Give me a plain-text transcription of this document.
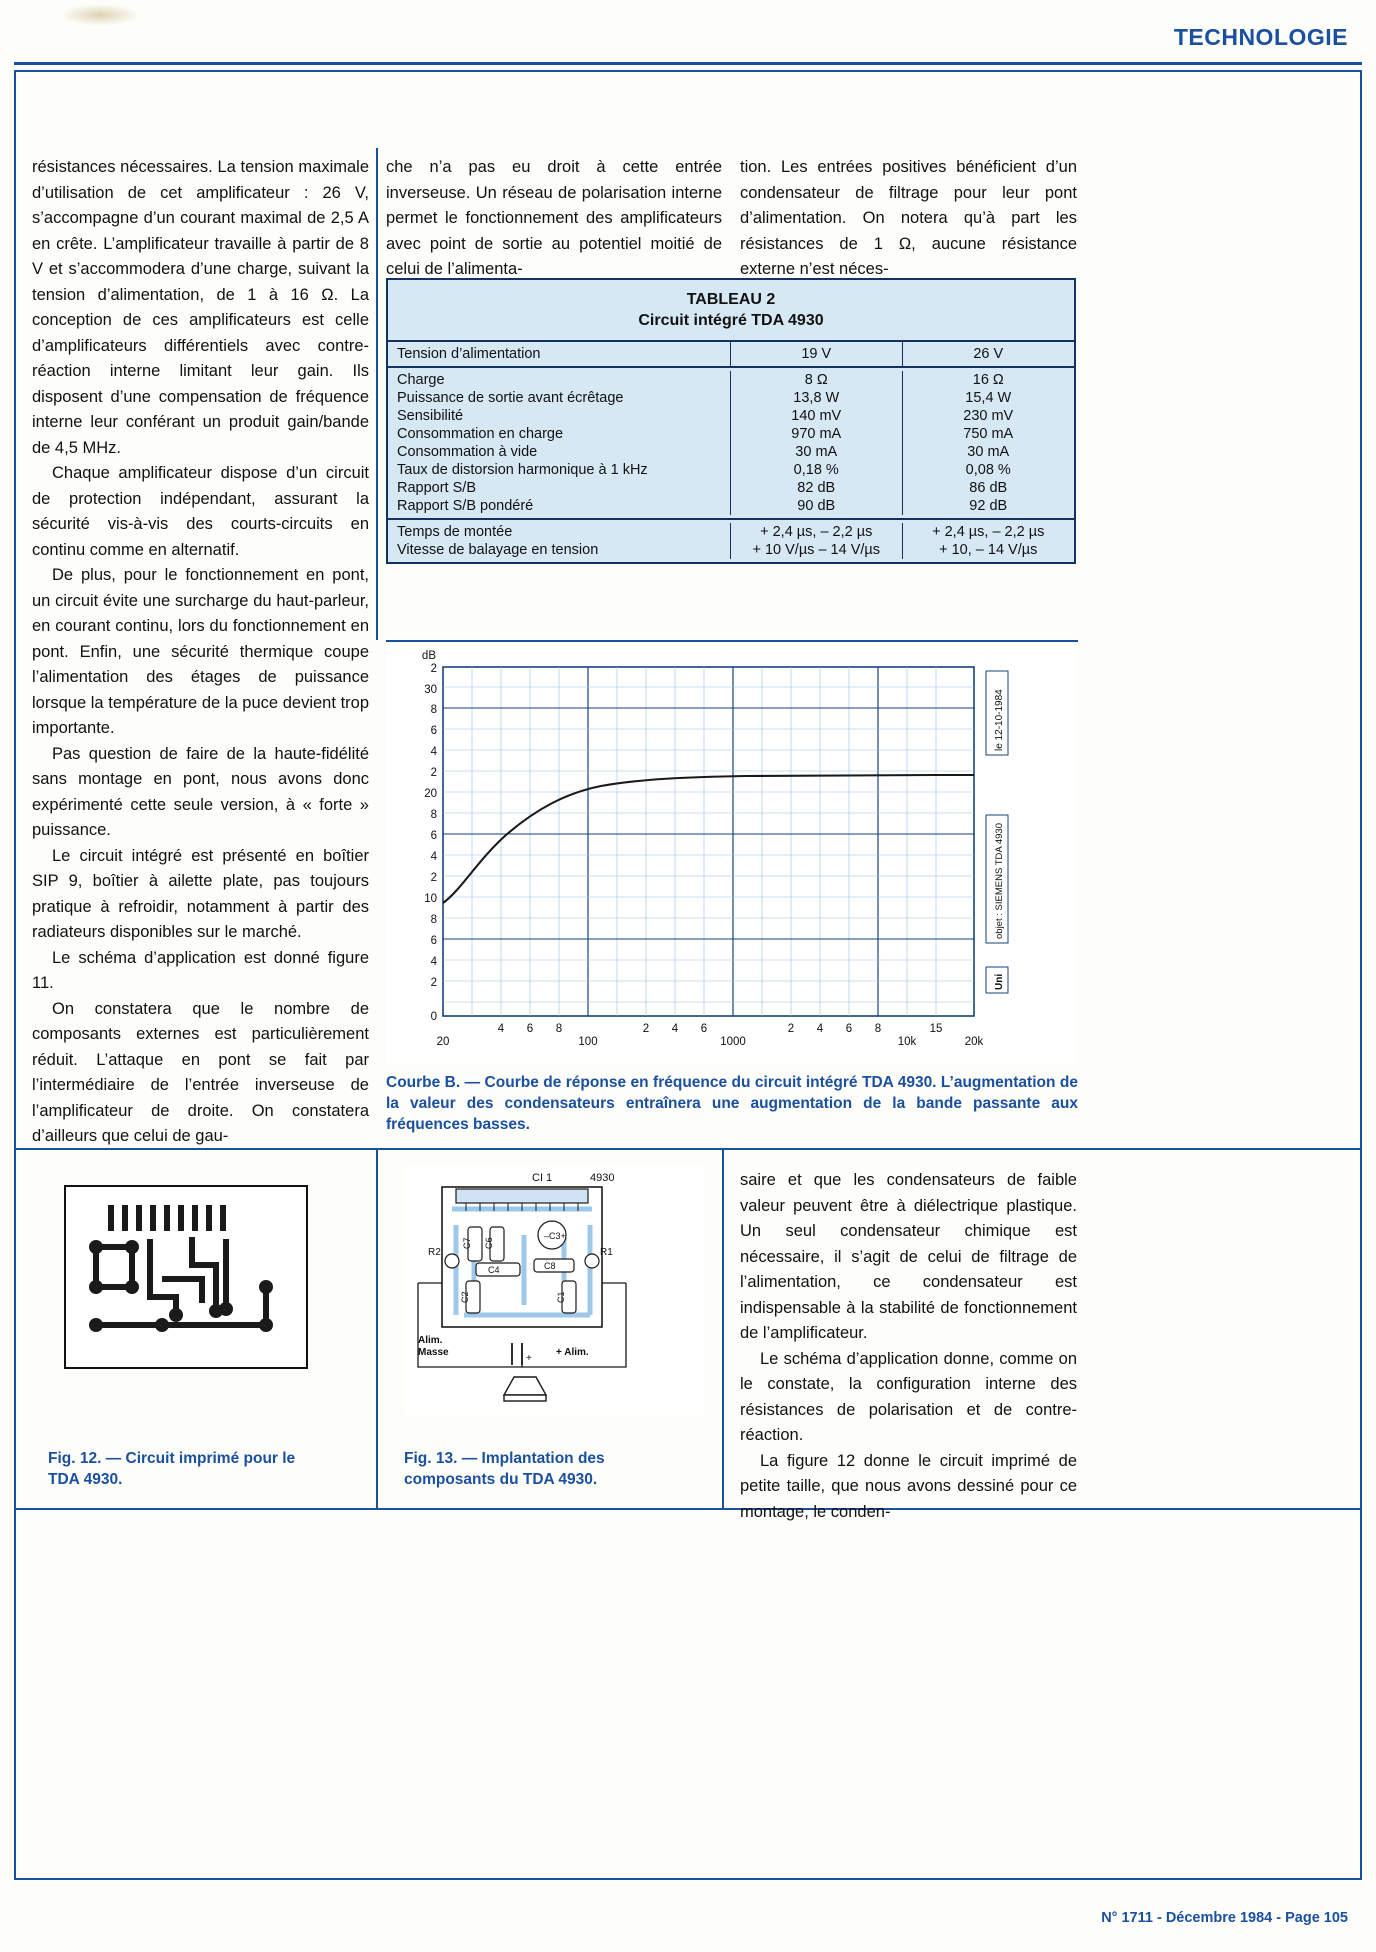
TECHNOLOGIE

résistances nécessaires. La tension maximale d’utilisation de cet amplificateur : 26 V, s’accompagne d’un courant maximal de 2,5 A en crête. L’amplificateur travaille à partir de 8 V et s’accommodera d’une charge, suivant la tension d’alimentation, de 1 à 16 Ω. La conception de ces amplificateurs est celle d’amplificateurs différentiels avec contre-réaction interne limitant leur gain. Ils disposent d’une compensation de fréquence interne leur conférant un produit gain/bande de 4,5 MHz.

Chaque amplificateur dispose d’un circuit de protection indépendant, assurant la sécurité vis-à-vis des courts-circuits en continu comme en alternatif.

De plus, pour le fonctionnement en pont, un circuit évite une surcharge du haut-parleur, en courant continu, lors du fonctionnement en pont. Enfin, une sécurité thermique coupe l’alimentation des étages de puissance lorsque la température de la puce devient trop importante.

Pas question de faire de la haute-fidélité sans montage en pont, nous avons donc expérimenté cette seule version, à « forte » puissance.

Le circuit intégré est présenté en boîtier SIP 9, boîtier à ailette plate, pas toujours pratique à refroidir, notamment à partir des radiateurs disponibles sur le marché.

Le schéma d’application est donné figure 11.

On constatera que le nombre de composants externes est particulièrement réduit. L’attaque en pont se fait par l’intermédiaire de l’entrée inverseuse de l’amplificateur de droite. On constatera d’ailleurs que celui de gau-

che n’a pas eu droit à cette entrée inverseuse. Un réseau de polarisation interne permet le fonctionnement des amplificateurs avec point de sortie au potentiel moitié de celui de l’alimenta-

tion. Les entrées positives bénéficient d’un condensateur de filtrage pour leur pont d’alimentation. On notera qu’à part les résistances de 1 Ω, aucune résistance externe n’est néces-

TABLEAU 2
Circuit intégré TDA 4930
Tension d’alimentation	19 V	26 V
Charge	8 Ω	16 Ω
Puissance de sortie avant écrêtage	13,8 W	15,4 W
Sensibilité	140 mV	230 mV
Consommation en charge	970 mA	750 mA
Consommation à vide	30 mA	30 mA
Taux de distorsion harmonique à 1 kHz	0,18 %	0,08 %
Rapport S/B	82 dB	86 dB
Rapport S/B pondéré	90 dB	92 dB
Temps de montée	+ 2,4 µs, – 2,2 µs	+ 2,4 µs, – 2,2 µs
Vitesse de balayage en tension	+ 10 V/µs – 14 V/µs	+ 10, – 14 V/µs
2
30
8
6
4
2
20
8
6
4
2
10
8
6
4
2
0
dB
20
4 6 8
100
2 4 6
1000
2 4 6 8
10k
15
20k
le 12-10-1984
objet : SIEMENS TDA 4930
Uni
Courbe B. — Courbe de réponse en fréquence du circuit intégré TDA 4930. L’augmentation de la valeur des condensateurs entraînera une augmentation de la bande passante aux fréquences basses.
Fig. 12. — Circuit imprimé pour le TDA 4930.
CI 1	4930
R2	R1
C7 C6
–C3+
C4	C8
C2	C1
Alim.
Masse	+ Alim.
+
Fig. 13. — Implantation des composants du TDA 4930.

saire et que les condensateurs de faible valeur peuvent être à diélectrique plastique. Un seul condensateur chimique est nécessaire, il s’agit de celui de filtrage de l’alimentation, ce condensateur est indispensable à la stabilité de fonctionnement de l’amplificateur.

Le schéma d’application donne, comme on le constate, la configuration interne des résistances de polarisation et de contre-réaction.

La figure 12 donne le circuit imprimé de petite taille, que nous avons dessiné pour ce montage, le conden-

N° 1711 - Décembre 1984 - Page 105
